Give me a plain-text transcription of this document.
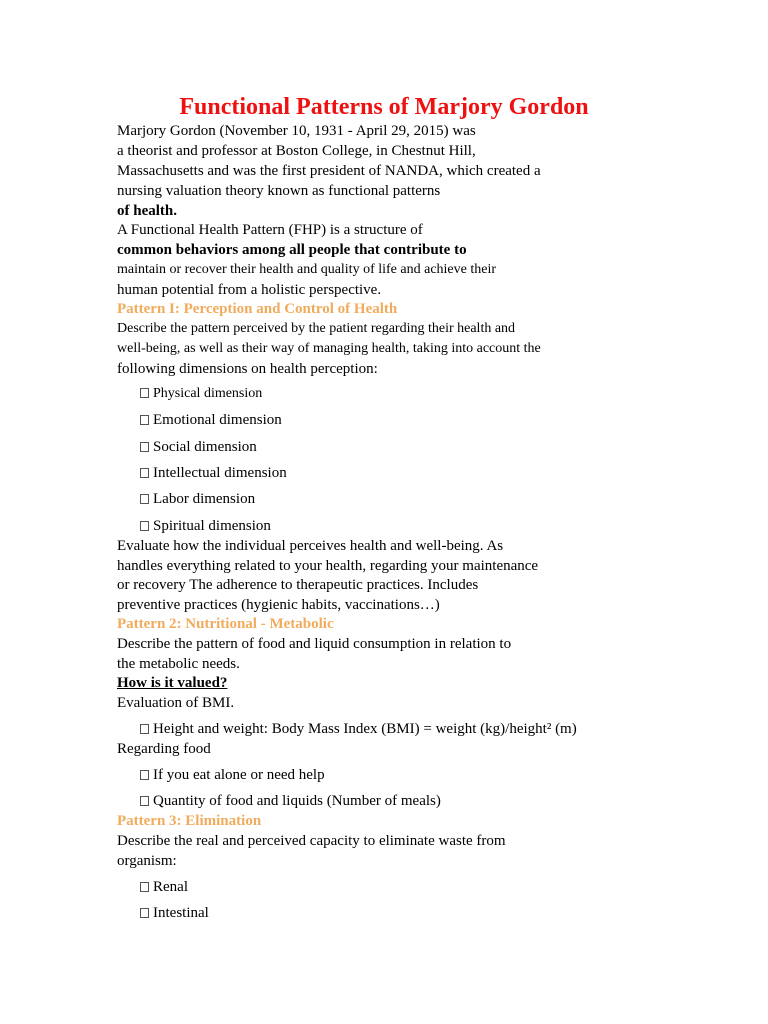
Functional Patterns of Marjory Gordon
Marjory Gordon (November 10, 1931 - April 29, 2015) was
a theorist and professor at Boston College, in Chestnut Hill,
Massachusetts and was the first president of NANDA, which created a
nursing valuation theory known as functional patterns
of health.
A Functional Health Pattern (FHP) is a structure of
common behaviors among all people that contribute to
maintain or recover their health and quality of life and achieve their
human potential from a holistic perspective.
Pattern I: Perception and Control of Health
Describe the pattern perceived by the patient regarding their health and
well-being, as well as their way of managing health, taking into account the
following dimensions on health perception:
Physical dimension
Emotional dimension
Social dimension
Intellectual dimension
Labor dimension
Spiritual dimension
Evaluate how the individual perceives health and well-being. As
handles everything related to your health, regarding your maintenance
or recovery The adherence to therapeutic practices. Includes
preventive practices (hygienic habits, vaccinations…)
Pattern 2: Nutritional - Metabolic
Describe the pattern of food and liquid consumption in relation to
the metabolic needs.
How is it valued?
Evaluation of BMI.
Height and weight: Body Mass Index (BMI) = weight (kg)/height² (m)
Regarding food
If you eat alone or need help
Quantity of food and liquids (Number of meals)
Pattern 3: Elimination
Describe the real and perceived capacity to eliminate waste from
organism:
Renal
Intestinal
